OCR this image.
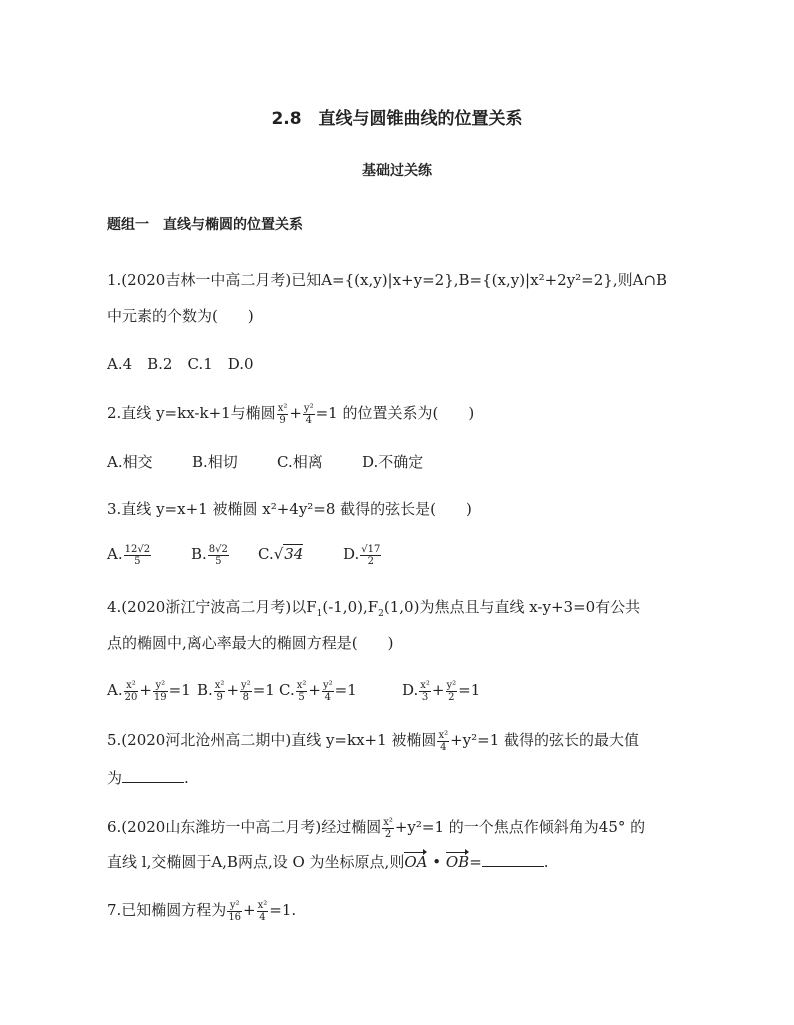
2.8　直线与圆锥曲线的位置关系
基础过关练
题组一　直线与椭圆的位置关系
1.(2020吉林一中高二月考)已知A={(x,y)|x+y=2},B={(x,y)|x²+2y²=2},则A∩B
中元素的个数为(　　)
A.4　B.2　C.1　D.0
2.直线 y=kx-k+1与椭圆 $\frac{\text{x²}}{9} + \frac{\text{y²}}{4} =1$ 的位置关系为(　　)
A.相交	B.相切	C.相离	D.不确定
3.直线 y=x+1 被椭圆 x²+4y²=8 截得的弦长是(　　)
A. $\frac{12√2}{5}$	B. $\frac{8√2}{5} C.√34$	D. $\frac{√17}{2}$
4.(2020浙江宁波高二月考)以$F_1(-1,0),F_2(1,0)$为焦点且与直线 x-y+3=0有公共
点的椭圆中,离心率最大的椭圆方程是(　　)
A. $\frac{\text{x²}}{20} + \frac{\text{y²}}{19} =1$ B. $\frac{\text{x²}}{9} + \frac{\text{y²}}{8} =1$ C. $\frac{\text{x²}}{5} + \frac{\text{y²}}{4} =1$	D. $\frac{\text{x²}}{3} + \frac{\text{y²}}{2} =1$
5.(2020河北沧州高二期中)直线 y=kx+1 被椭圆 $\frac{\text{x²}}{4} +y^2=1$ 截得的弦长的最大值
为	.
6.(2020山东潍坊一中高二月考)经过椭圆 $\frac{\text{x²}}{2} +y^2=1$ 的一个焦点作倾斜角为45° 的
直线 l,交椭圆于A,B两点,设 O 为坐标原点,则OA • OB=	.
7.已知椭圆方程为 $\frac{\text{y²}}{16} + \frac{\text{x²}}{4} =1$.
